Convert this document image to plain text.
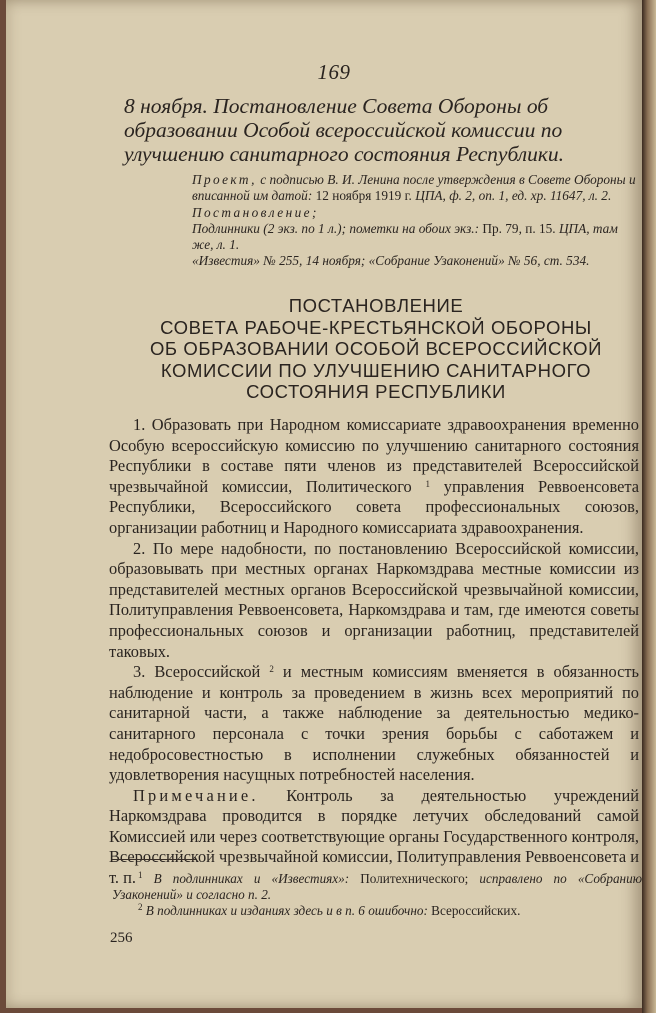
169
8 ноября. Постановление Совета Обороны об образовании Особой всероссийской комиссии по улучшению санитарного состояния Республики.
Проект, с подписью В. И. Ленина после утверждения в Совете Обороны и вписанной им датой: 12 ноября 1919 г. ЦПА, ф. 2, оп. 1, ед. хр. 11647, л. 2.
Постановление;
Подлинники (2 экз. по 1 л.); пометки на обоих экз.: Пр. 79, п. 15. ЦПА, там же, л. 1.
«Известия» № 255, 14 ноября; «Собрание Узаконений» № 56, ст. 534.
ПОСТАНОВЛЕНИЕ
СОВЕТА РАБОЧЕ-КРЕСТЬЯНСКОЙ ОБОРОНЫ
ОБ ОБРАЗОВАНИИ ОСОБОЙ ВСЕРОССИЙСКОЙ
КОМИССИИ ПО УЛУЧШЕНИЮ САНИТАРНОГО
СОСТОЯНИЯ РЕСПУБЛИКИ

1. Образовать при Народном комиссариате здравоохранения временно Особую всероссийскую комиссию по улучшению санитарного состояния Республики в составе пяти членов из представителей Всероссийской чрезвычайной комиссии, Политического $^1$ управления Реввоенсовета Республики, Всероссийского совета профессиональных союзов, организации работниц и Народного комиссариата здравоохранения.

2. По мере надобности, по постановлению Всероссийской комиссии, образовывать при местных органах Наркомздрава местные комиссии из представителей местных органов Всероссийской чрезвычайной комиссии, Политуправления Реввоенсовета, Наркомздрава и там, где имеются советы профессиональных союзов и организации работниц, представителей таковых.

3. Всероссийской $^2$ и местным комиссиям вменяется в обязанность наблюдение и контроль за проведением в жизнь всех мероприятий по санитарной части, а также наблюдение за деятельностью медико-санитарного персонала с точки зрения борьбы с саботажем и недобросовестностью в исполнении служебных обязанностей и удовлетворения насущных потребностей населения.

Примечание. Контроль за деятельностью учреждений Наркомздрава проводится в порядке летучих обследований самой Комиссией или через соответствующие органы Государственного контроля, Всероссийской чрезвычайной комиссии, Политуправления Реввоенсовета и т. п. $^1$ В подлинниках и «Известиях»: Политехнического; исправлено по «Собранию Узаконений» и согласно п. 2.

$^2$ В подлинниках и изданиях здесь и в п. 6 ошибочно: Всероссийских.

256
